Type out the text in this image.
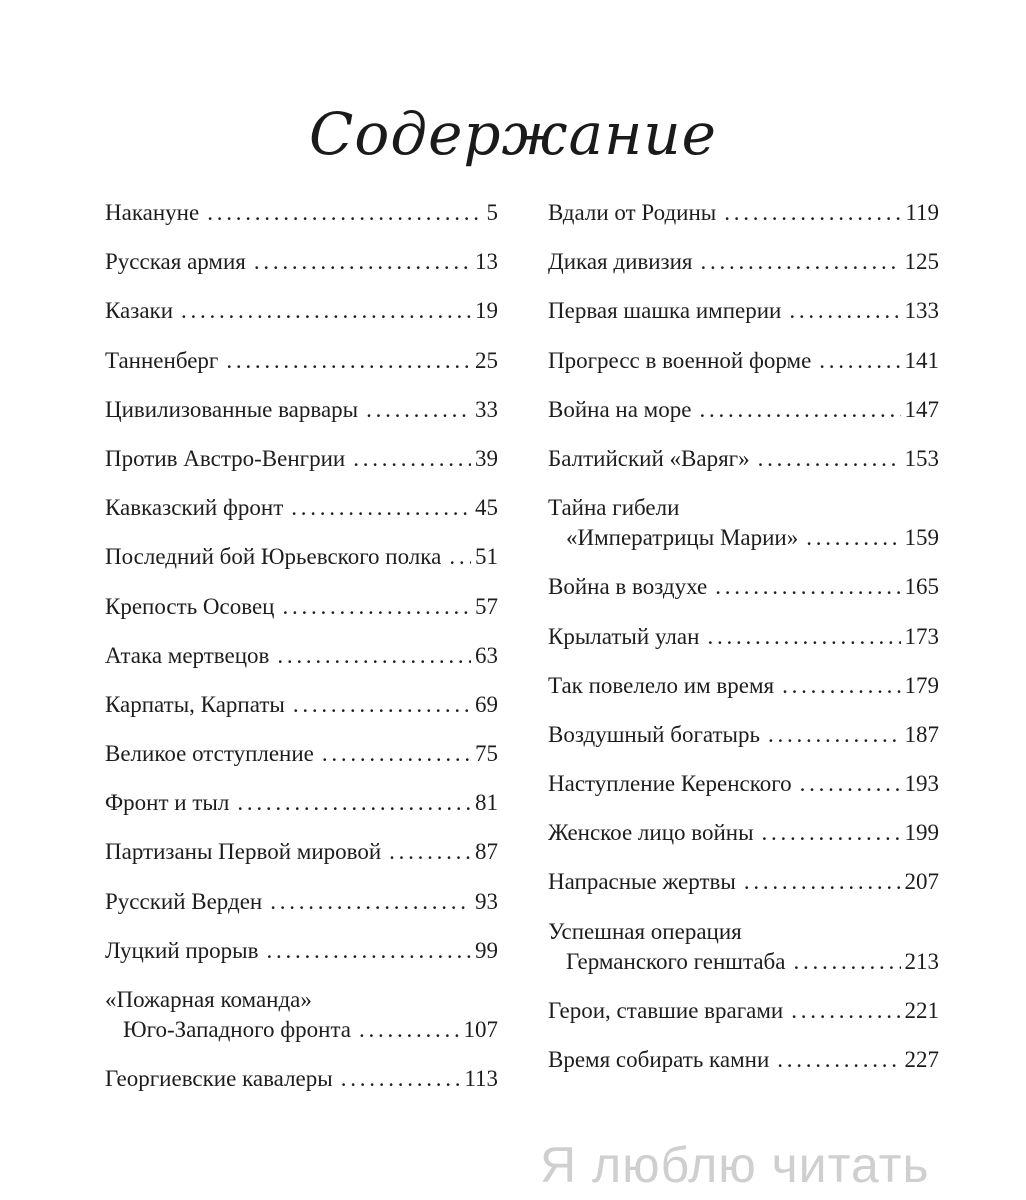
Содержание
Накануне . . .	5
Русская армия . . .	13
Казаки . . .	19
Танненберг . . .	25
Цивилизованные варвары . . .	33
Против Австро-Венгрии . . .	39
Кавказский фронт . . .	45
Последний бой Юрьевского полка . . . 51
Крепость Осовец . . .	57
Атака мертвецов . . .	63
Карпаты, Карпаты . . .	69
Великое отступление . . .	75
Фронт и тыл . . .	81
Партизаны Первой мировой . . .	87
Русский Верден . . .	93
Луцкий прорыв . . .	99
«Пожарная команда»
Юго-Западного фронта . . .	107
Георгиевские кавалеры . . .	113
Вдали от Родины . . .	119
Дикая дивизия . . .	125
Первая шашка империи . . .	133
Прогресс в военной форме . . .	141
Война на море . . .	147
Балтийский «Варяг» . . .	153
Тайна гибели
«Императрицы Марии» . . .	159
Война в воздухе . . .	165
Крылатый улан . . .	173
Так повелело им время . . .	179
Воздушный богатырь . . .	187
Наступление Керенского . . .	193
Женское лицо войны . . .	199
Напрасные жертвы . . .	207
Успешная операция
Германского генштаба . . .	213
Герои, ставшие врагами . . .	221
Время собирать камни . . .	227
Я люблю читать
